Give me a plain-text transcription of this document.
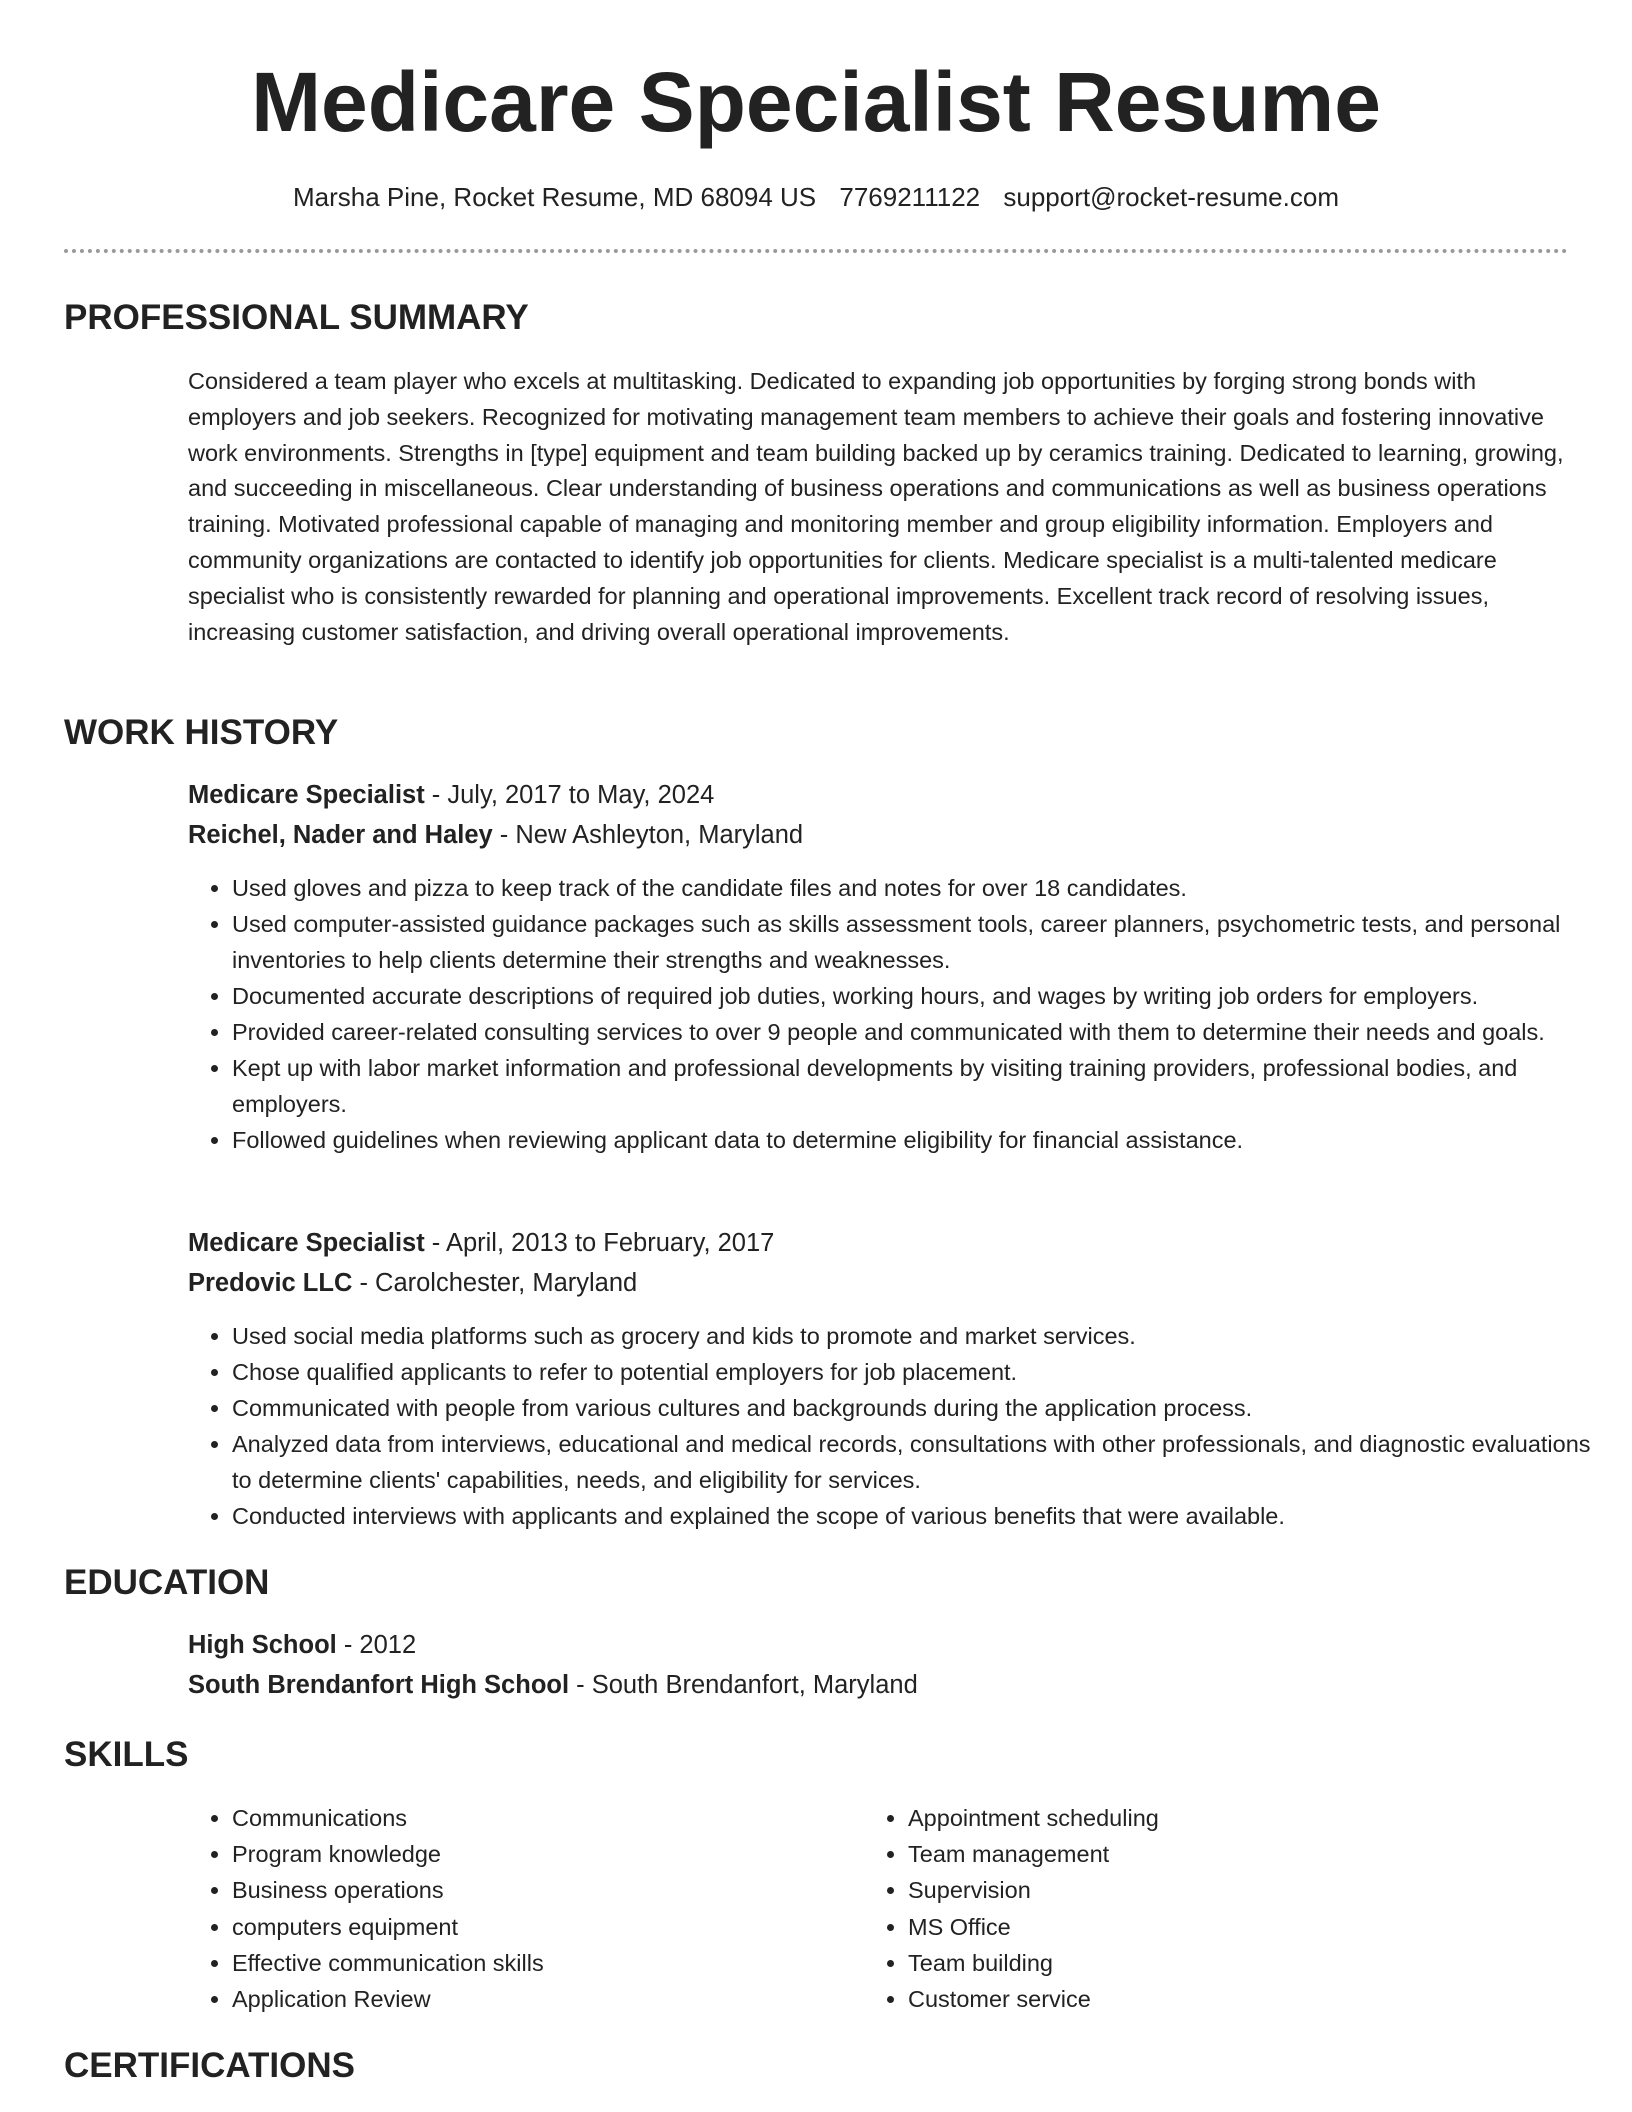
Medicare Specialist Resume
Marsha Pine, Rocket Resume, MD 68094 US 7769211122 support@rocket-resume.com
PROFESSIONAL SUMMARY

Considered a team player who excels at multitasking. Dedicated to expanding job opportunities by forging strong bonds with employers and job seekers. Recognized for motivating management team members to achieve their goals and fostering innovative work environments. Strengths in [type] equipment and team building backed up by ceramics training. Dedicated to learning, growing, and succeeding in miscellaneous. Clear understanding of business operations and communications as well as business operations training. Motivated professional capable of managing and monitoring member and group eligibility information. Employers and community organizations are contacted to identify job opportunities for clients. Medicare specialist is a multi-talented medicare specialist who is consistently rewarded for planning and operational improvements. Excellent track record of resolving issues, increasing customer satisfaction, and driving overall operational improvements.

WORK HISTORY
Medicare Specialist - July, 2017 to May, 2024
Reichel, Nader and Haley - New Ashleyton, Maryland
• Used gloves and pizza to keep track of the candidate files and notes for over 18 candidates.
• Used computer-assisted guidance packages such as skills assessment tools, career planners, psychometric tests, and personal inventories to help clients determine their strengths and weaknesses.
• Documented accurate descriptions of required job duties, working hours, and wages by writing job orders for employers.
• Provided career-related consulting services to over 9 people and communicated with them to determine their needs and goals.
• Kept up with labor market information and professional developments by visiting training providers, professional bodies, and employers.
• Followed guidelines when reviewing applicant data to determine eligibility for financial assistance.
Medicare Specialist - April, 2013 to February, 2017
Predovic LLC - Carolchester, Maryland
• Used social media platforms such as grocery and kids to promote and market services.
• Chose qualified applicants to refer to potential employers for job placement.
• Communicated with people from various cultures and backgrounds during the application process.
• Analyzed data from interviews, educational and medical records, consultations with other professionals, and diagnostic evaluations to determine clients' capabilities, needs, and eligibility for services.
• Conducted interviews with applicants and explained the scope of various benefits that were available.
EDUCATION
High School - 2012
South Brendanfort High School - South Brendanfort, Maryland
SKILLS
• Communications
• Program knowledge
• Business operations
• computers equipment
• Effective communication skills
• Application Review
• Appointment scheduling
• Team management
• Supervision
• MS Office
• Team building
• Customer service
CERTIFICATIONS
